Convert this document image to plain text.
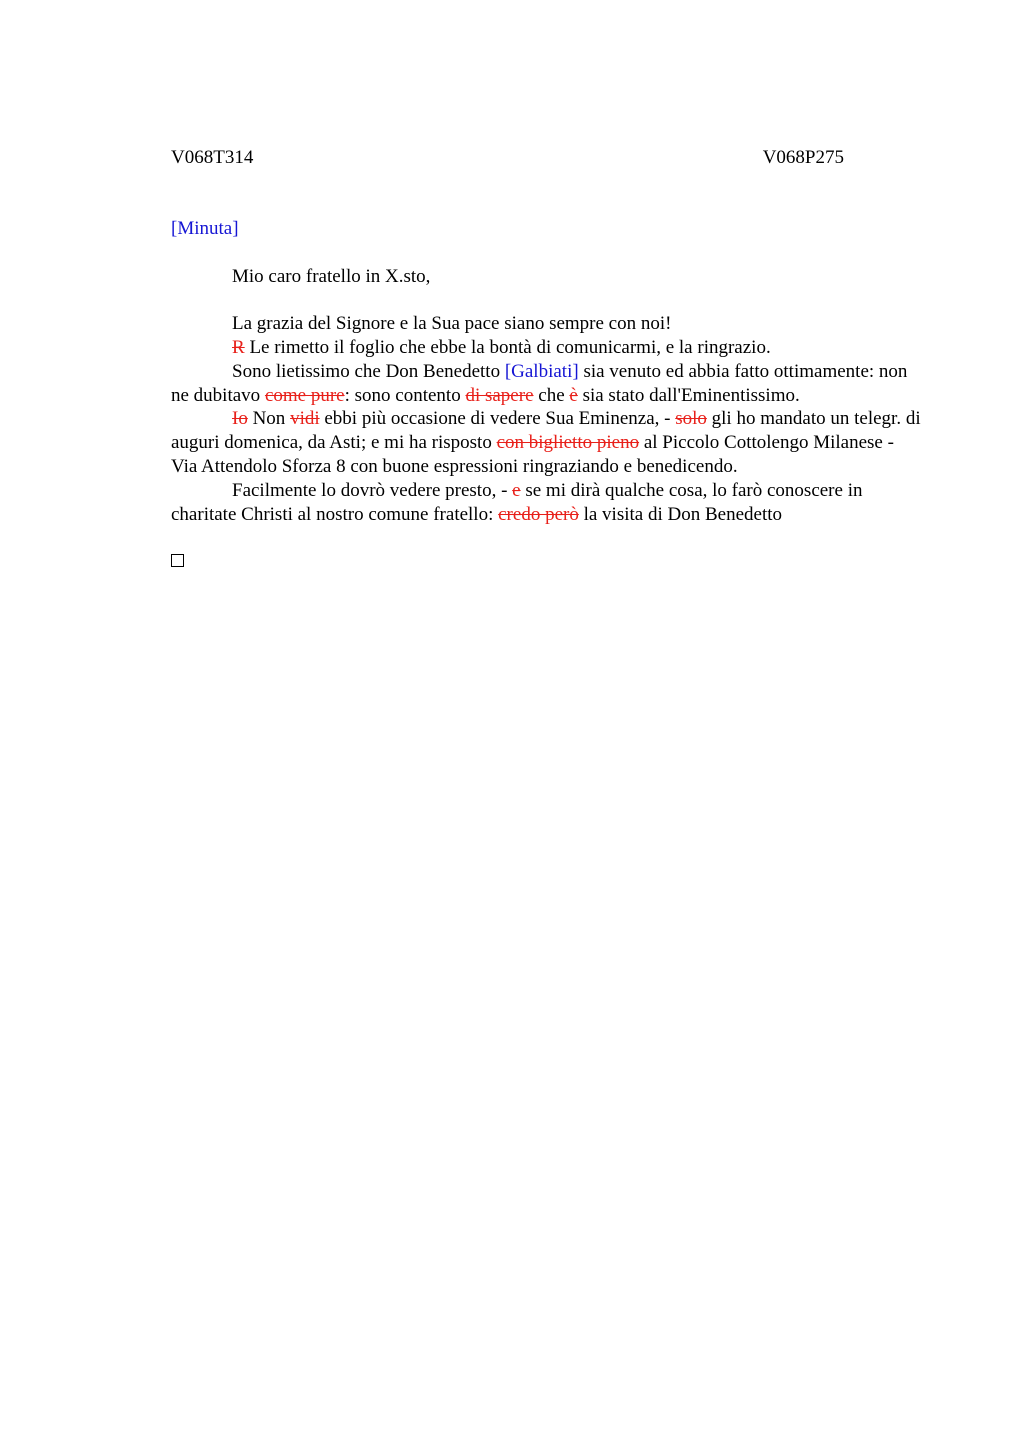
V068T314	V068P275
[Minuta]

Mio caro fratello in X.sto,

La grazia del Signore e la Sua pace siano sempre con noi!

R Le rimetto il foglio che ebbe la bontà di comunicarmi, e la ringrazio.

Sono lietissimo che Don Benedetto [Galbiati] sia venuto ed abbia fatto ottimamente: non ne dubitavo come pure: sono contento di sapere che è sia stato dall'Eminentissimo.

Io Non vidi ebbi più occasione di vedere Sua Eminenza, - solo gli ho mandato un telegr. di auguri domenica, da Asti; e mi ha risposto con biglietto pieno al Piccolo Cottolengo Milanese - Via Attendolo Sforza 8 con buone espressioni ringraziando e benedicendo.

Facilmente lo dovrò vedere presto, - e se mi dirà qualche cosa, lo farò conoscere in charitate Christi al nostro comune fratello: credo però la visita di Don Benedetto
